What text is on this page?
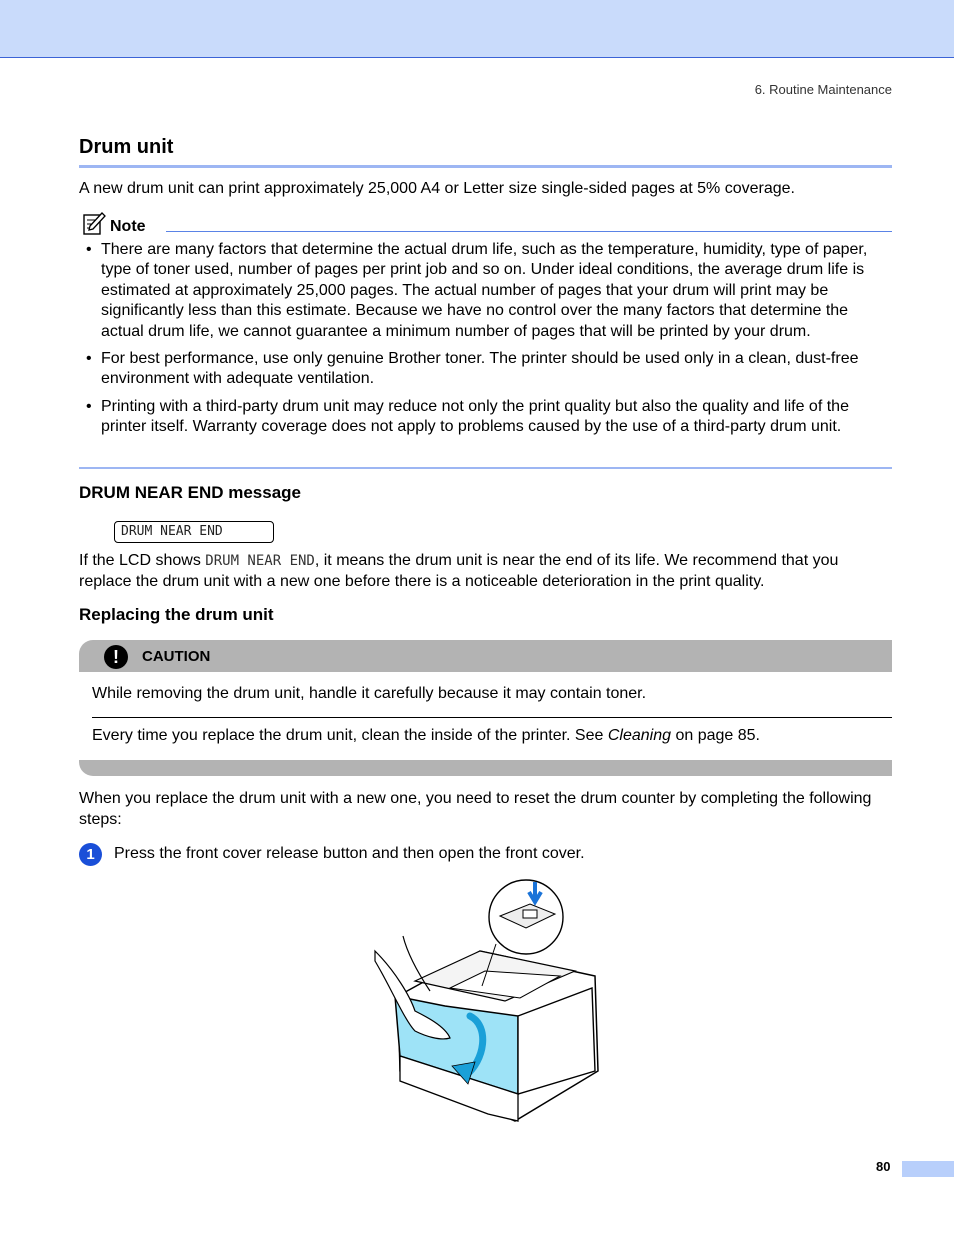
6. Routine Maintenance
Drum unit
A new drum unit can print approximately 25,000 A4 or Letter size single-sided pages at 5% coverage.
Note
• There are many factors that determine the actual drum life, such as the temperature, humidity, type of paper, type of toner used, number of pages per print job and so on. Under ideal conditions, the average drum life is estimated at approximately 25,000 pages. The actual number of pages that your drum will print may be significantly less than this estimate. Because we have no control over the many factors that determine the actual drum life, we cannot guarantee a minimum number of pages that will be printed by your drum.
• For best performance, use only genuine Brother toner. The printer should be used only in a clean, dust-free environment with adequate ventilation.
• Printing with a third-party drum unit may reduce not only the print quality but also the quality and life of the printer itself. Warranty coverage does not apply to problems caused by the use of a third-party drum unit.
DRUM NEAR END message
DRUM NEAR END
If the LCD shows DRUM NEAR END, it means the drum unit is near the end of its life. We recommend that you replace the drum unit with a new one before there is a noticeable deterioration in the print quality.
Replacing the drum unit
!	CAUTION
While removing the drum unit, handle it carefully because it may contain toner.
Every time you replace the drum unit, clean the inside of the printer. See Cleaning on page 85.
When you replace the drum unit with a new one, you need to reset the drum counter by completing the following steps:
1	Press the front cover release button and then open the front cover.
80
